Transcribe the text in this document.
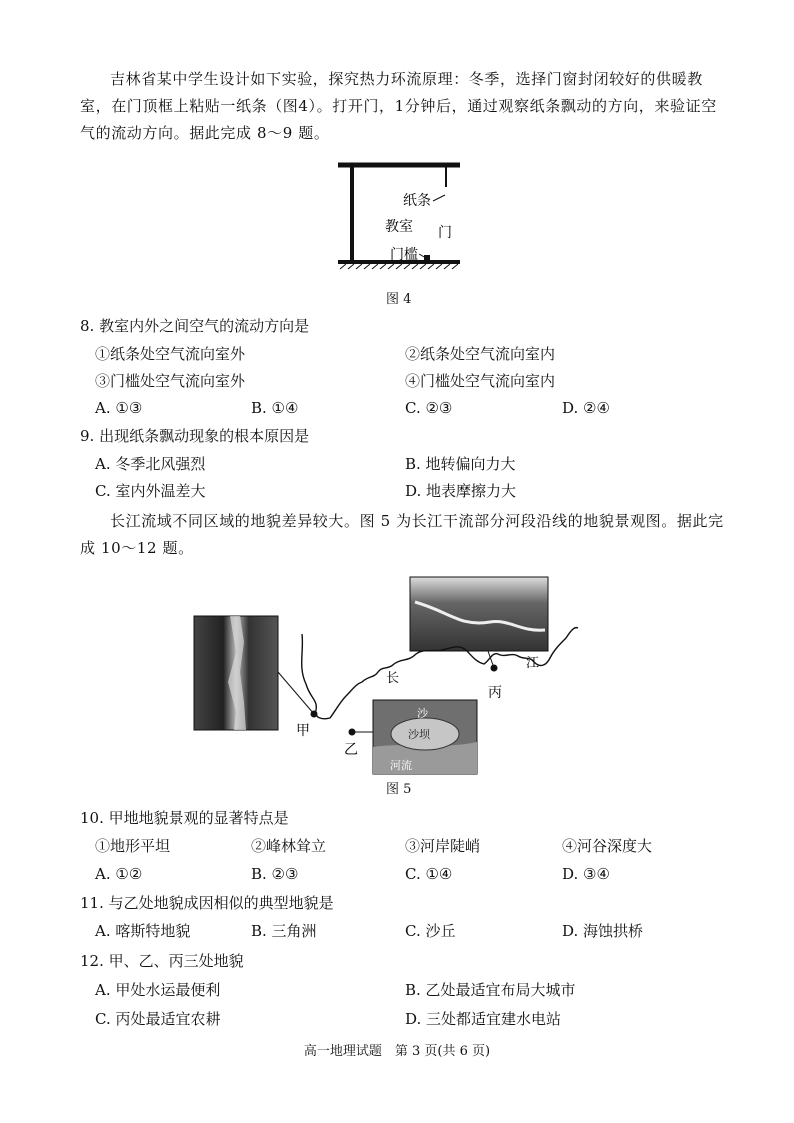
吉林省某中学生设计如下实验，探究热力环流原理：冬季，选择门窗封闭较好的供暖教室，在门顶框上粘贴一纸条（图4）。打开门，1分钟后，通过观察纸条飘动的方向，来验证空气的流动方向。据此完成 8～9 题。

纸条
教室 门
门槛
图 4

8. 教室内外之间空气的流动方向是

①纸条处空气流向室外	②纸条处空气流向室内
③门槛处空气流向室外	④门槛处空气流向室内
A. ①③	B. ①④	C. ②③	D. ②④

9. 出现纸条飘动现象的根本原因是

A. 冬季北风强烈	B. 地转偏向力大
C. 室内外温差大	D. 地表摩擦力大

长江流域不同区域的地貌差异较大。图 5 为长江干流部分河段沿线的地貌景观图。据此完成 10～12 题。

沙
沙坝
河流
甲
乙
丙
长
江
图 5

10. 甲地地貌景观的显著特点是

①地形平坦	②峰林耸立	③河岸陡峭	④河谷深度大
A. ①②	B. ②③	C. ①④	D. ③④

11. 与乙处地貌成因相似的典型地貌是

A. 喀斯特地貌	B. 三角洲	C. 沙丘	D. 海蚀拱桥

12. 甲、乙、丙三处地貌

A. 甲处水运最便利	B. 乙处最适宜布局大城市
C. 丙处最适宜农耕	D. 三处都适宜建水电站
高一地理试题　第 3 页(共 6 页)
